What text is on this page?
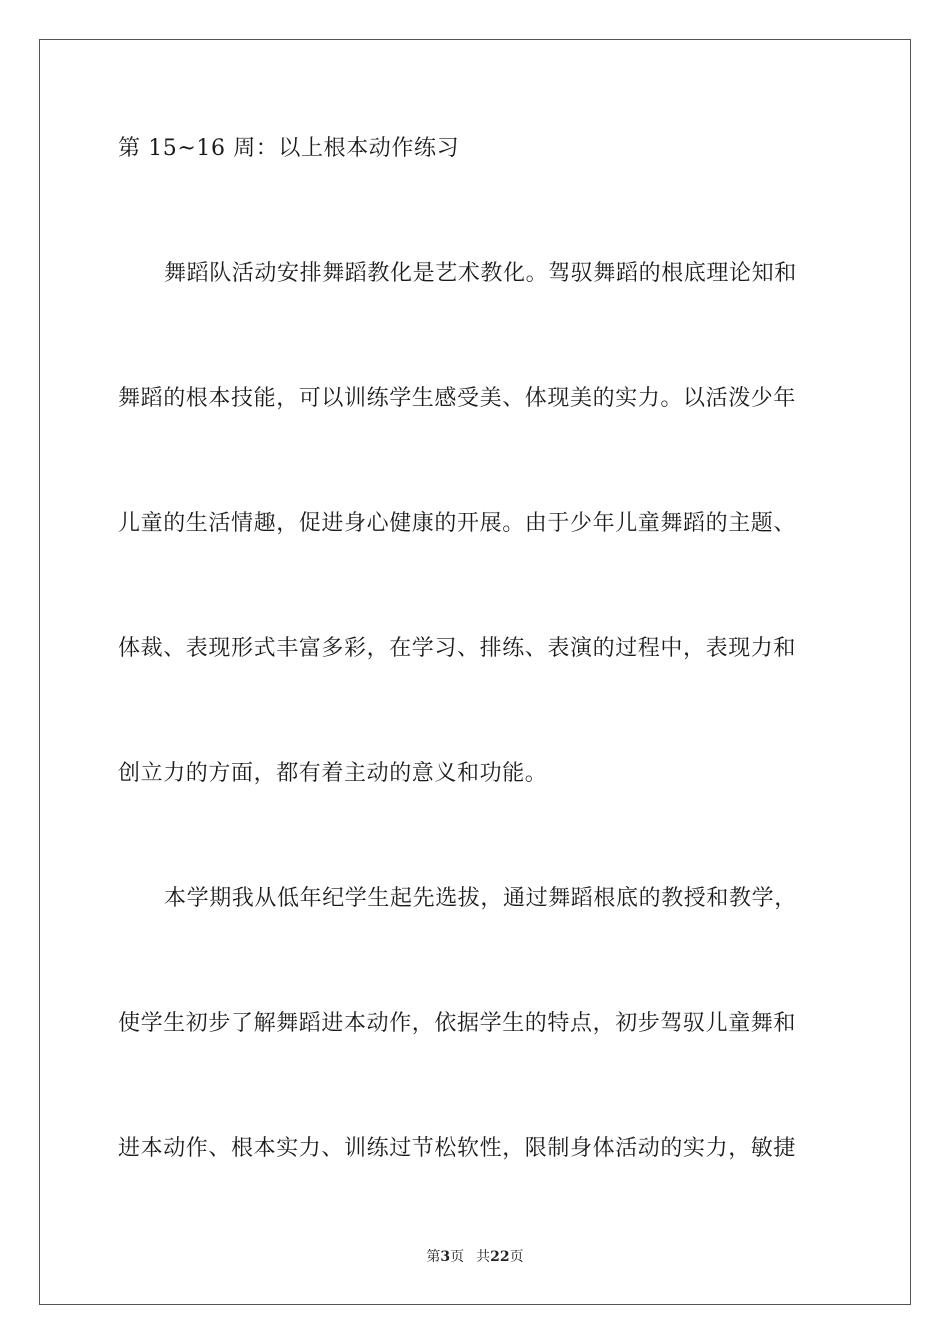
第 15~16 周：以上根本动作练习
舞蹈队活动安排舞蹈教化是艺术教化。驾驭舞蹈的根底理论知和
舞蹈的根本技能，可以训练学生感受美、体现美的实力。以活泼少年
儿童的生活情趣，促进身心健康的开展。由于少年儿童舞蹈的主题、
体裁、表现形式丰富多彩，在学习、排练、表演的过程中，表现力和
创立力的方面，都有着主动的意义和功能。
本学期我从低年纪学生起先选拔，通过舞蹈根底的教授和教学，
使学生初步了解舞蹈进本动作，依据学生的特点，初步驾驭儿童舞和
进本动作、根本实力、训练过节松软性，限制身体活动的实力，敏捷
第3页 共22页
